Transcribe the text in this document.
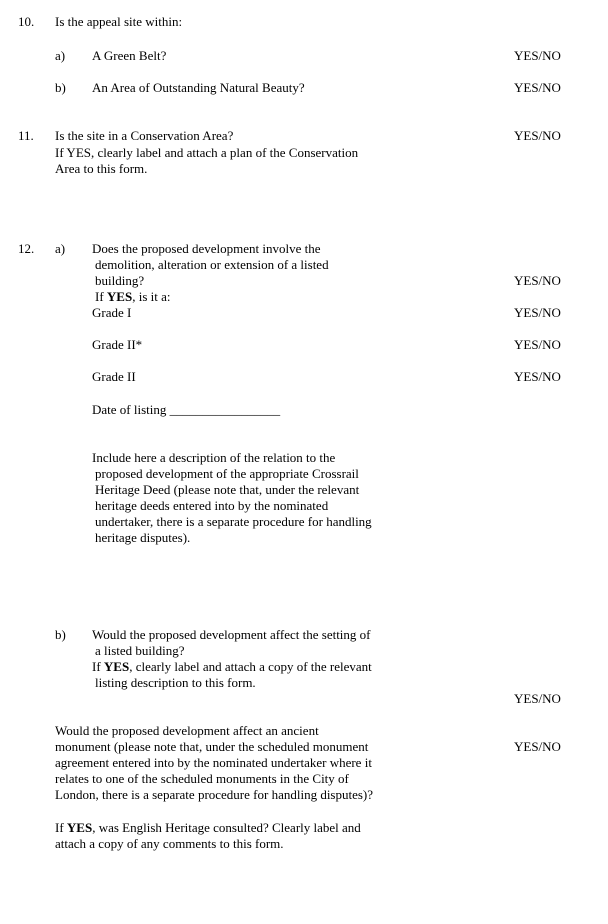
10. Is the appeal site within:
a) A Green Belt?	YES/NO
b) An Area of Outstanding Natural Beauty?	YES/NO
11. Is the site in a Conservation Area?
If YES, clearly label and attach a plan of the Conservation
Area to this form.
YES/NO
12. a) Does the proposed development involve the
demolition, alteration or extension of a listed
building?	YES/NO
If YES, is it a:
Grade I	YES/NO
Grade II*	YES/NO
Grade II	YES/NO
Date of listing _________________
Include here a description of the relation to the
proposed development of the appropriate Crossrail
Heritage Deed (please note that, under the relevant
heritage deeds entered into by the nominated
undertaker, there is a separate procedure for handling
heritage disputes).
b) Would the proposed development affect the setting of
a listed building?
If YES, clearly label and attach a copy of the relevant
listing description to this form.
YES/NO
Would the proposed development affect an ancient
monument (please note that, under the scheduled monument
agreement entered into by the nominated undertaker where it
relates to one of the scheduled monuments in the City of
London, there is a separate procedure for handling disputes)?
YES/NO
If YES, was English Heritage consulted? Clearly label and
attach a copy of any comments to this form.
